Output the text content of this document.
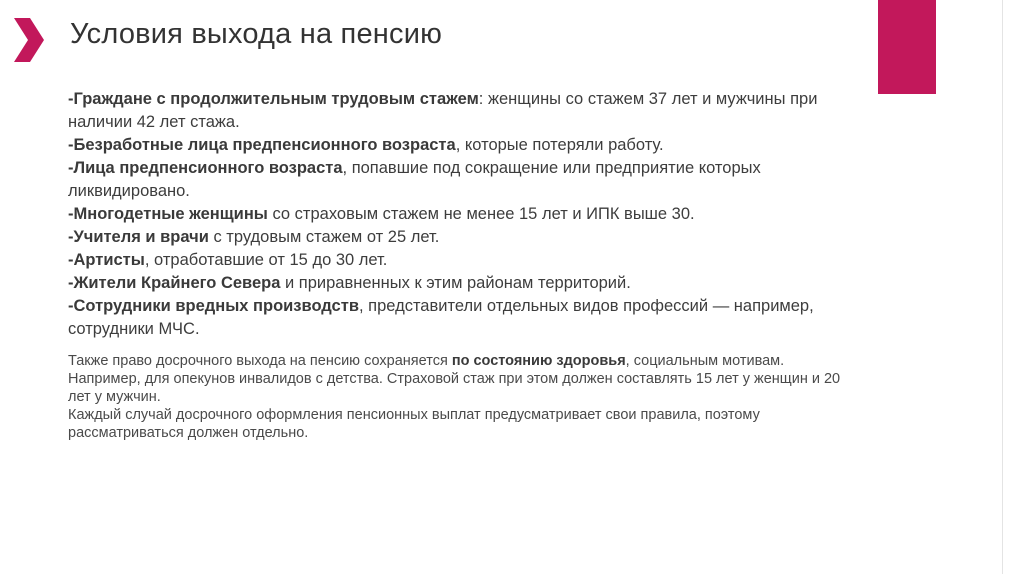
Условия выхода на пенсию
-Граждане с продолжительным трудовым стажем: женщины со стажем 37 лет и мужчины при наличии 42 лет стажа.
-Безработные лица предпенсионного возраста, которые потеряли работу.
-Лица предпенсионного возраста, попавшие под сокращение или предприятие которых ликвидировано.
-Многодетные женщины со страховым стажем не менее 15 лет и ИПК выше 30.
-Учителя и врачи с трудовым стажем от 25 лет.
-Артисты, отработавшие от 15 до 30 лет.
-Жители Крайнего Севера и приравненных к этим районам территорий.
-Сотрудники вредных производств, представители отдельных видов профессий — например, сотрудники МЧС.

Также право досрочного выхода на пенсию сохраняется по состоянию здоровья, социальным мотивам. Например, для опекунов инвалидов с детства. Страховой стаж при этом должен составлять 15 лет у женщин и 20 лет у мужчин.

Каждый случай досрочного оформления пенсионных выплат предусматривает свои правила, поэтому рассматриваться должен отдельно.
